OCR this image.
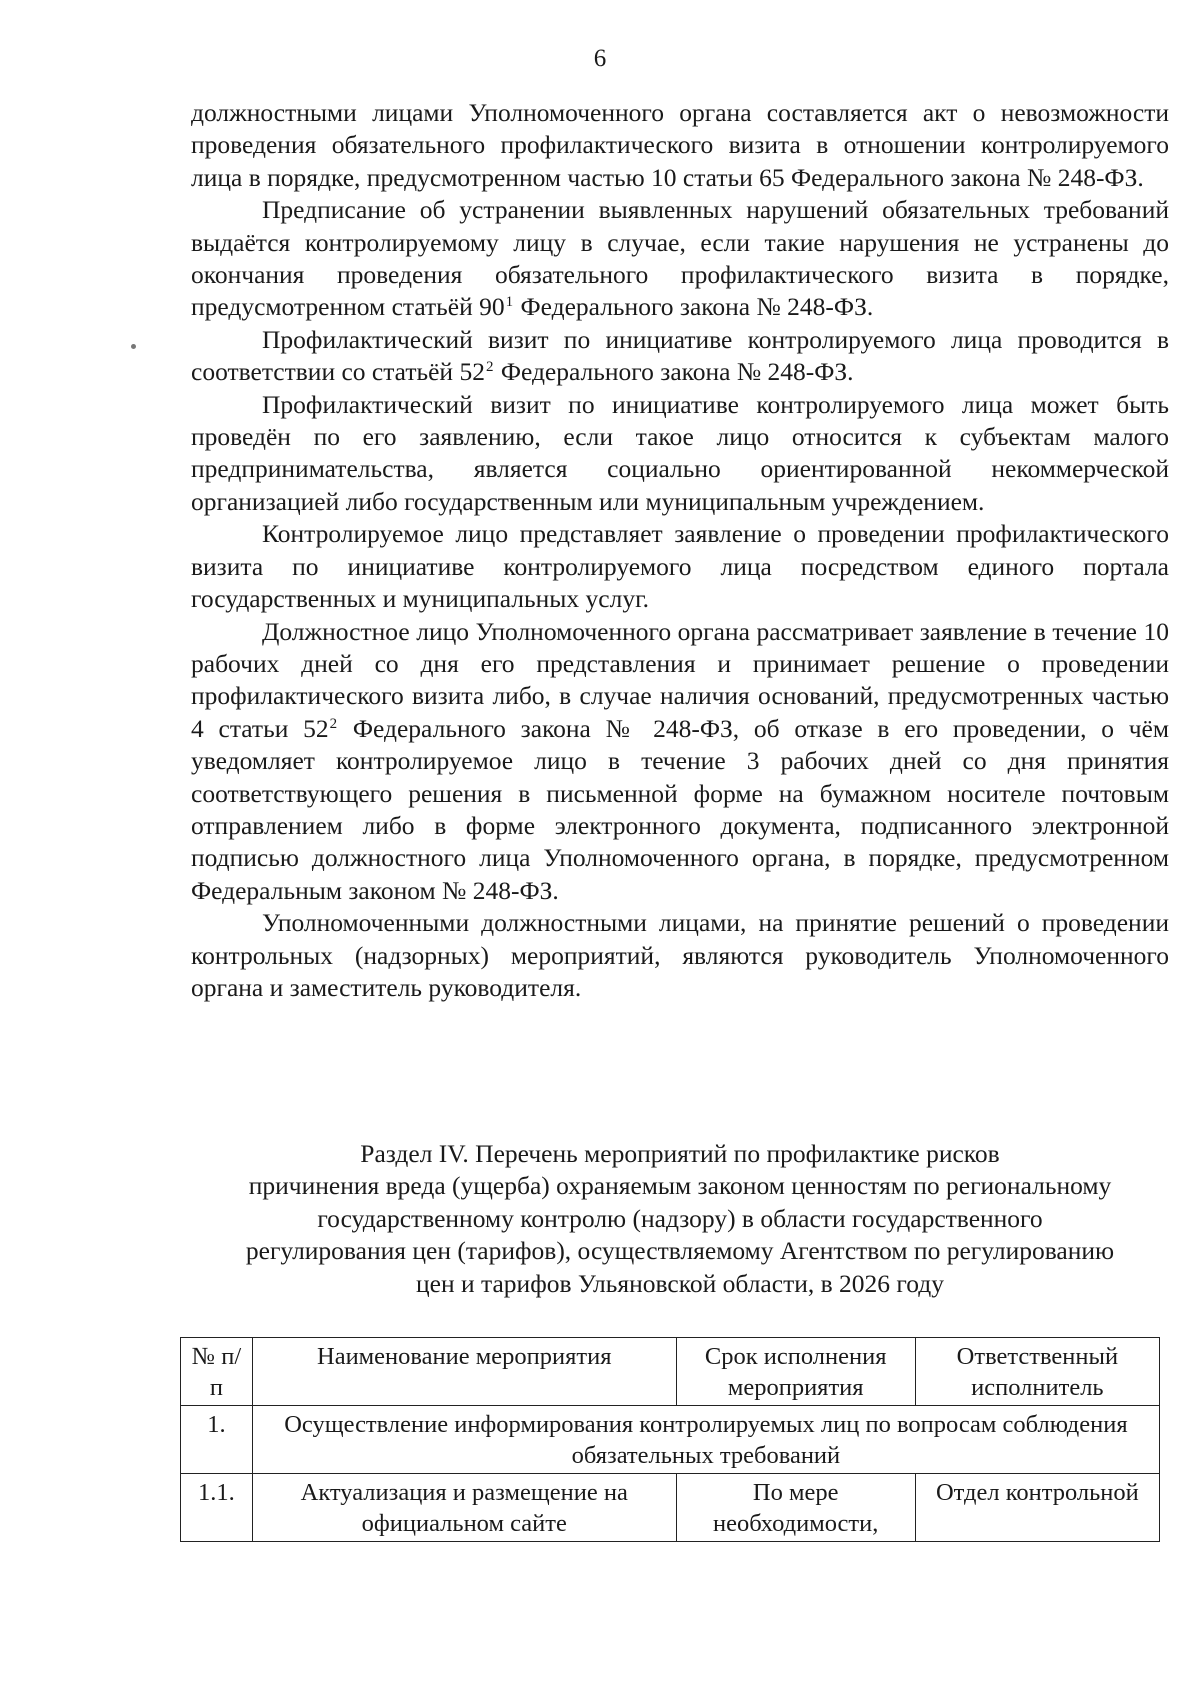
6

должностными лицами Уполномоченного органа составляется акт о невозможности проведения обязательного профилактического визита в отношении контролируемого лица в порядке, предусмотренном частью 10 статьи 65 Федерального закона № 248-ФЗ.

Предписание об устранении выявленных нарушений обязательных требований выдаётся контролируемому лицу в случае, если такие нарушения не устранены до окончания проведения обязательного профилактического визита в порядке, предусмотренном статьёй $90^1$ Федерального закона № 248-ФЗ.

Профилактический визит по инициативе контролируемого лица проводится в соответствии со статьёй $52^2$ Федерального закона № 248-ФЗ.

Профилактический визит по инициативе контролируемого лица может быть проведён по его заявлению, если такое лицо относится к субъектам малого предпринимательства, является социально ориентированной некоммерческой организацией либо государственным или муниципальным учреждением.

Контролируемое лицо представляет заявление о проведении профилактического визита по инициативе контролируемого лица посредством единого портала государственных и муниципальных услуг.

Должностное лицо Уполномоченного органа рассматривает заявление в течение 10 рабочих дней со дня его представления и принимает решение о проведении профилактического визита либо, в случае наличия оснований, предусмотренных частью 4 статьи $52^2$ Федерального закона № 248-ФЗ, об отказе в его проведении, о чём уведомляет контролируемое лицо в течение 3 рабочих дней со дня принятия соответствующего решения в письменной форме на бумажном носителе почтовым отправлением либо в форме электронного документа, подписанного электронной подписью должностного лица Уполномоченного органа, в порядке, предусмотренном Федеральным законом № 248-ФЗ.

Уполномоченными должностными лицами, на принятие решений о проведении контрольных (надзорных) мероприятий, являются руководитель Уполномоченного органа и заместитель руководителя.

Раздел IV. Перечень мероприятий по профилактике рисков
причинения вреда (ущерба) охраняемым законом ценностям по региональному
государственному контролю (надзору) в области государственного
регулирования цен (тарифов), осуществляемому Агентством по регулированию
цен и тарифов Ульяновской области, в 2026 году
№ п/п	Наименование мероприятия	Срок исполнения мероприятия	Ответственный исполнитель
1.	Осуществление информирования контролируемых лиц по вопросам соблюдения обязательных требований		
1.1.	Актуализация и размещение на официальном сайте	По мере необходимости,	Отдел контрольной
